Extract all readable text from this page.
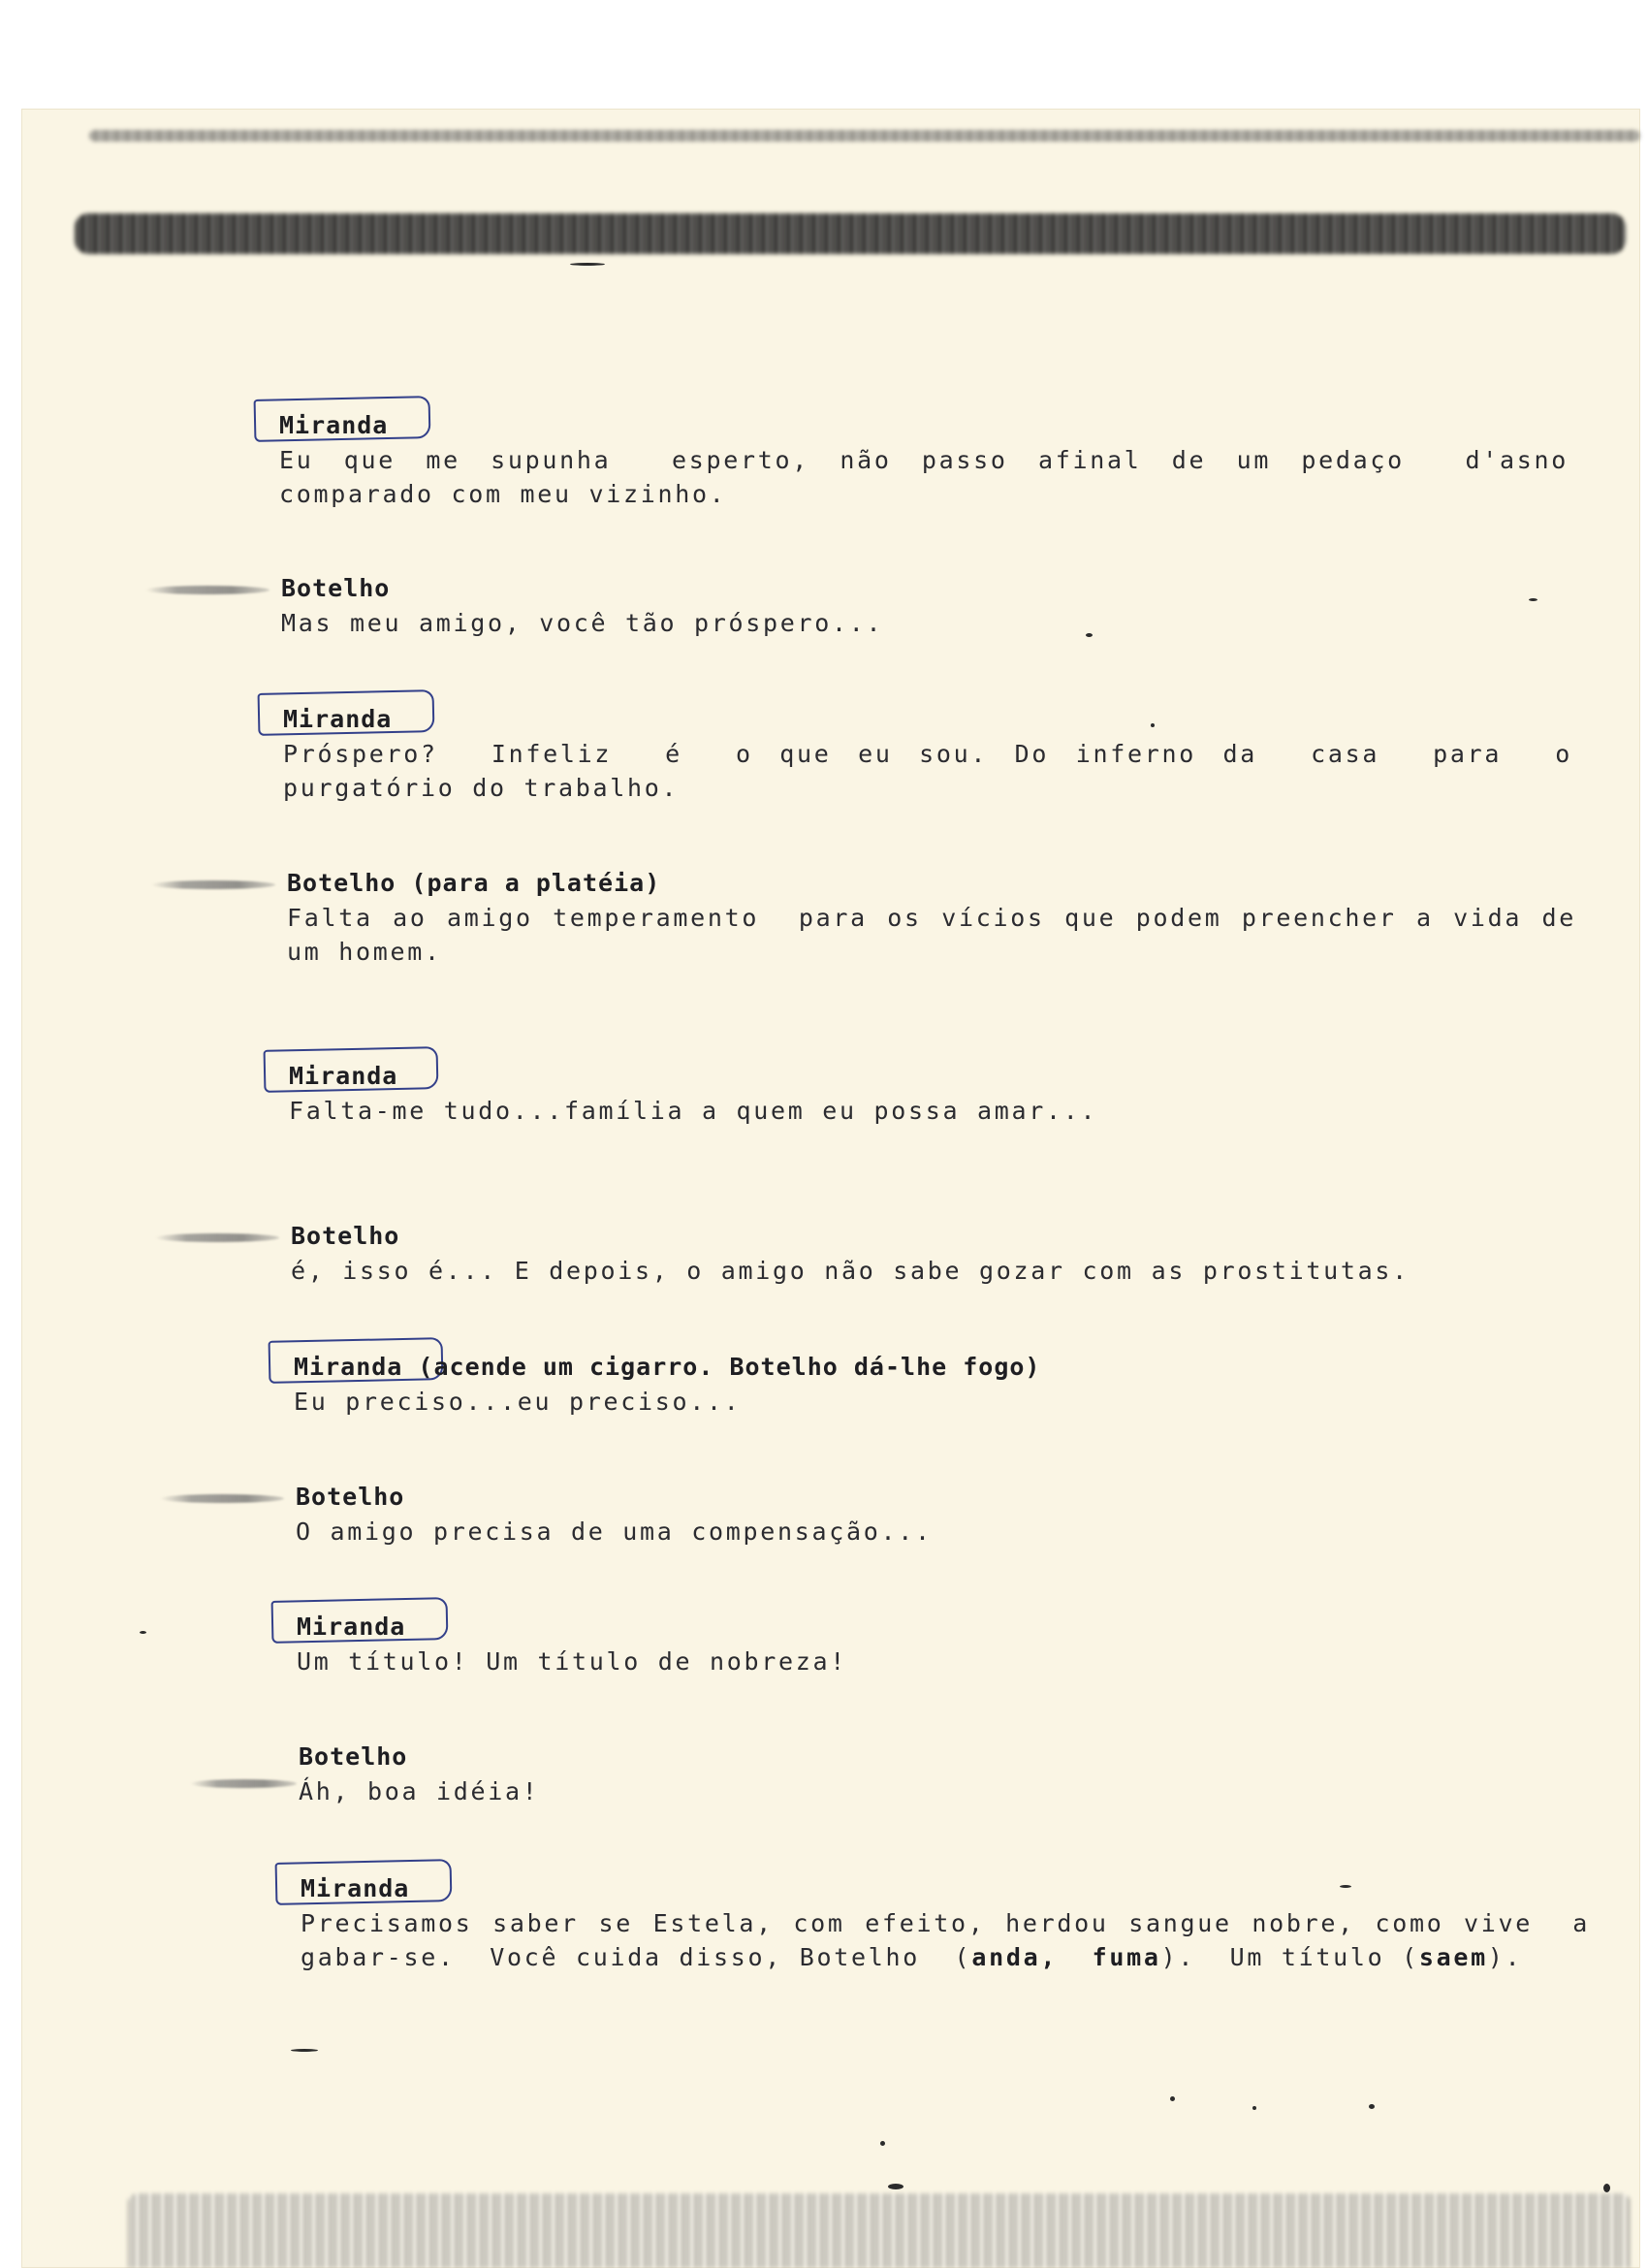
Miranda
Eu que me supunha  esperto, não passo afinal de um pedaço  d'asno comparado com meu vizinho.
Botelho
Mas meu amigo, você tão próspero...
Miranda
Próspero?  Infeliz  é  o que eu sou. Do inferno da  casa  para  o purgatório do trabalho.
Botelho (para a platéia)
Falta ao amigo temperamento  para os vícios que podem preencher a vida de um homem.
Miranda
Falta-me tudo...família a quem eu possa amar...
Botelho
é, isso é... E depois, o amigo não sabe gozar com as prostitutas.
Miranda (acende um cigarro. Botelho dá-lhe fogo)
Eu preciso...eu preciso...
Botelho
O amigo precisa de uma compensação...
Miranda
Um título! Um título de nobreza!
Botelho
Áh, boa idéia!
Miranda
Precisamos saber se Estela, com efeito, herdou sangue nobre, como vive  a  gabar-se.  Você cuida disso, Botelho  (anda,  fuma).  Um título (saem).
